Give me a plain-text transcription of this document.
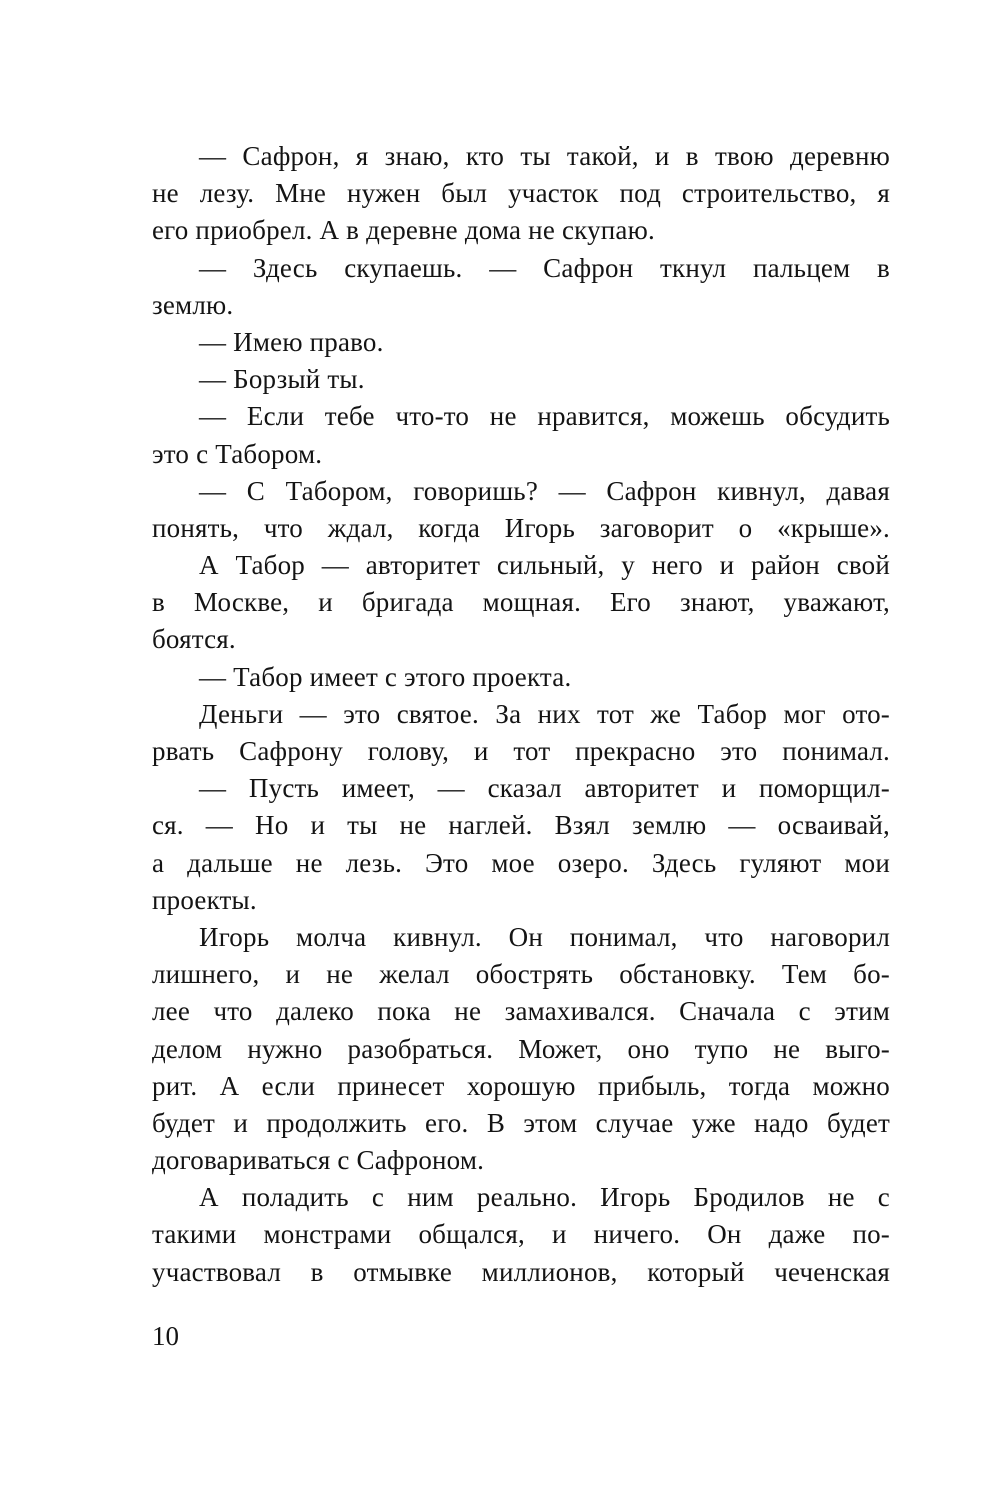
— Сафрон, я знаю, кто ты такой, и в твою деревню
не лезу. Мне нужен был участок под строительство, я
его приобрел. А в деревне дома не скупаю.
— Здесь скупаешь. — Сафрон ткнул пальцем в
землю.
— Имею право.
— Борзый ты.
— Если тебе что-то не нравится, можешь обсудить
это с Табором.
— С Табором, говоришь? — Сафрон кивнул, давая
понять, что ждал, когда Игорь заговорит о «крыше».
А Табор — авторитет сильный, у него и район свой
в Москве, и бригада мощная. Его знают, уважают,
боятся.
— Табор имеет с этого проекта.
Деньги — это святое. За них тот же Табор мог ото-
рвать Сафрону голову, и тот прекрасно это понимал.
— Пусть имеет, — сказал авторитет и поморщил-
ся. — Но и ты не наглей. Взял землю — осваивай,
а дальше не лезь. Это мое озеро. Здесь гуляют мои
проекты.
Игорь молча кивнул. Он понимал, что наговорил
лишнего, и не желал обострять обстановку. Тем бо-
лее что далеко пока не замахивался. Сначала с этим
делом нужно разобраться. Может, оно тупо не выго-
рит. А если принесет хорошую прибыль, тогда можно
будет и продолжить его. В этом случае уже надо будет
договариваться с Сафроном.
А поладить с ним реально. Игорь Бродилов не с
такими монстрами общался, и ничего. Он даже по-
участвовал в отмывке миллионов, который чеченская
10
